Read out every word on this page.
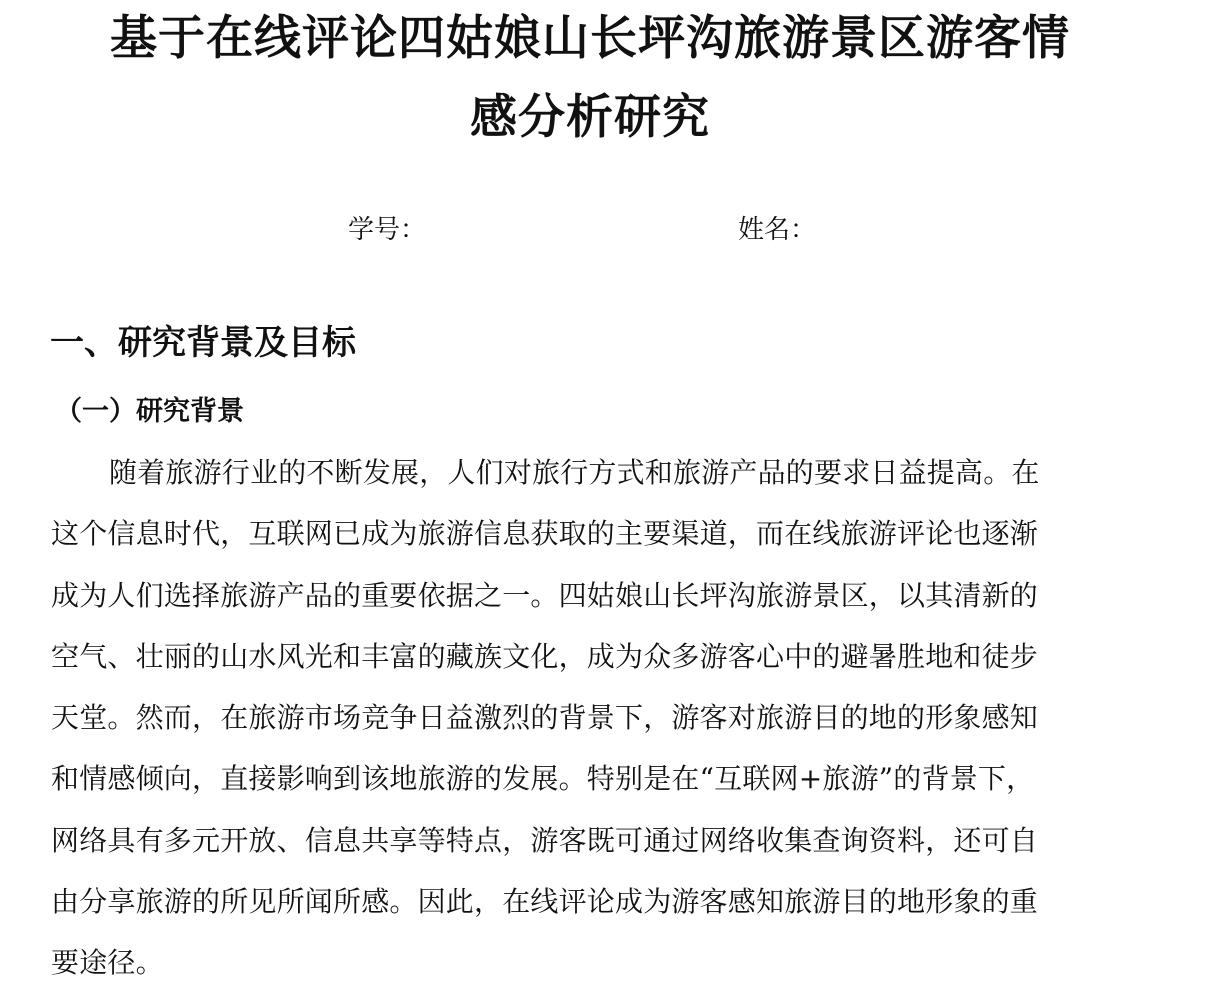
基于在线评论四姑娘山长坪沟旅游景区游客情
感分析研究
学号：	姓名：
一、研究背景及目标
（一）研究背景
随着旅游行业的不断发展，人们对旅行方式和旅游产品的要求日益提高。在
这个信息时代，互联网已成为旅游信息获取的主要渠道，而在线旅游评论也逐渐
成为人们选择旅游产品的重要依据之一。四姑娘山长坪沟旅游景区，以其清新的
空气、壮丽的山水风光和丰富的藏族文化，成为众多游客心中的避暑胜地和徒步
天堂。然而，在旅游市场竞争日益激烈的背景下，游客对旅游目的地的形象感知
和情感倾向，直接影响到该地旅游的发展。特别是在“互联网+旅游”的背景下，
网络具有多元开放、信息共享等特点，游客既可通过网络收集查询资料，还可自
由分享旅游的所见所闻所感。因此，在线评论成为游客感知旅游目的地形象的重
要途径。
